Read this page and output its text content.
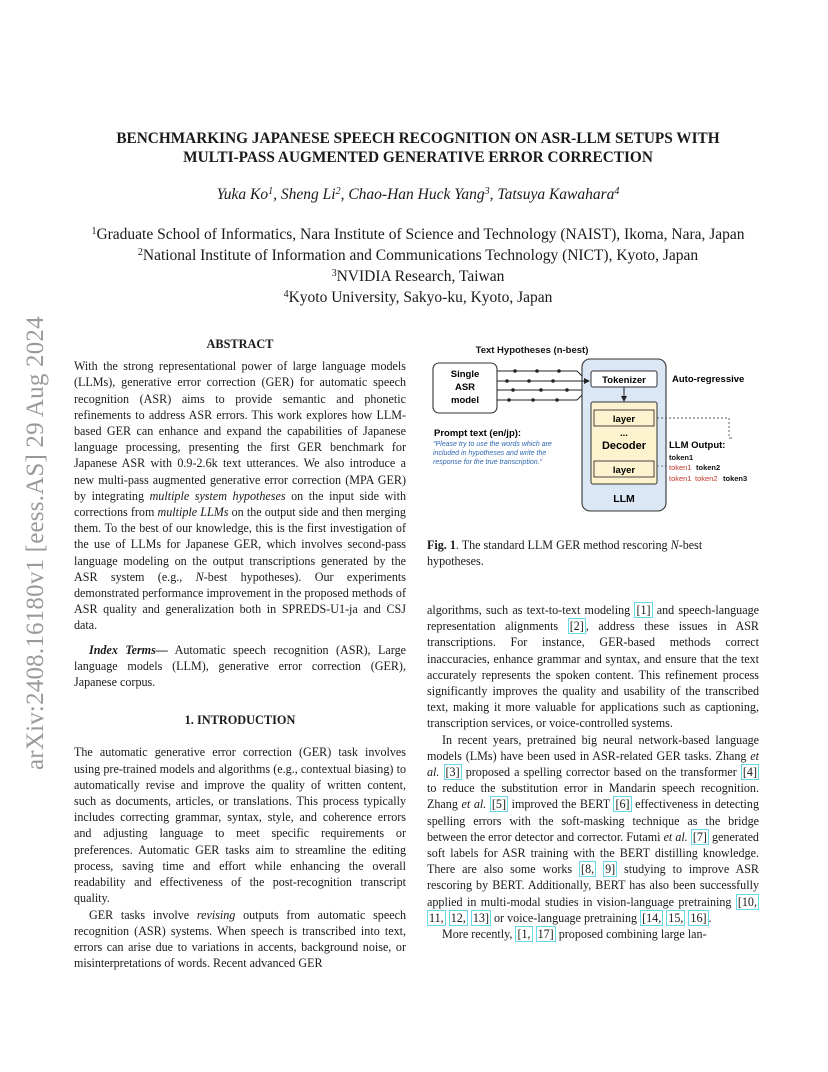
arXiv:2408.16180v1 [eess.AS] 29 Aug 2024
BENCHMARKING JAPANESE SPEECH RECOGNITION ON ASR-LLM SETUPS WITH
MULTI-PASS AUGMENTED GENERATIVE ERROR CORRECTION
Yuka Ko$^1$, Sheng Li$^2$, Chao-Han Huck Yang$^3$, Tatsuya Kawahara$^4$
$^1$Graduate School of Informatics, Nara Institute of Science and Technology (NAIST), Ikoma, Nara, Japan
$^2$National Institute of Information and Communications Technology (NICT), Kyoto, Japan
$^3$NVIDIA Research, Taiwan
$^4$Kyoto University, Sakyo-ku, Kyoto, Japan

ABSTRACT

With the strong representational power of large language models (LLMs), generative error correction (GER) for automatic speech recognition (ASR) aims to provide semantic and phonetic refinements to address ASR errors. This work explores how LLM-based GER can enhance and expand the capabilities of Japanese language processing, presenting the first GER benchmark for Japanese ASR with 0.9-2.6k text utterances. We also introduce a new multi-pass augmented generative error correction (MPA GER) by integrating multiple system hypotheses on the input side with corrections from multiple LLMs on the output side and then merging them. To the best of our knowledge, this is the first investigation of the use of LLMs for Japanese GER, which involves second-pass language modeling on the output transcriptions generated by the ASR system (e.g., N-best hypotheses). Our experiments demonstrated performance improvement in the proposed methods of ASR quality and generalization both in SPREDS-U1-ja and CSJ data.

Index Terms— Automatic speech recognition (ASR), Large language models (LLM), generative error correction (GER), Japanese corpus.

1. INTRODUCTION

The automatic generative error correction (GER) task involves using pre-trained models and algorithms (e.g., contextual biasing) to automatically revise and improve the quality of written content, such as documents, articles, or translations. This process typically includes correcting grammar, syntax, style, and coherence errors and adjusting language to meet specific requirements or preferences. Automatic GER tasks aim to streamline the editing process, saving time and effort while enhancing the overall readability and effectiveness of the post-recognition transcript quality.

GER tasks involve revising outputs from automatic speech recognition (ASR) systems. When speech is transcribed into text, errors can arise due to variations in accents, background noise, or misinterpretations of words. Recent advanced GER

Text Hypotheses (n-best)
Single
ASR
model
Tokenizer
layer
...
Decoder
layer
LLM
Auto-regressive
Prompt text (en/jp):
"Please try to use the words which are
included in hypotheses and write the
response for the true transcription."
LLM Output:
token1
token1 token2
token1 token2 token3
Fig. 1. The standard LLM GER method rescoring N-best hypotheses.

algorithms, such as text-to-text modeling [1] and speech-language representation alignments [2] , address these issues in ASR transcriptions. For instance, GER-based methods correct inaccuracies, enhance grammar and syntax, and ensure that the text accurately represents the spoken content. This refinement process significantly improves the quality and usability of the transcribed text, making it more valuable for applications such as captioning, transcription services, or voice-controlled systems.

In recent years, pretrained big neural network-based language models (LMs) have been used in ASR-related GER tasks. Zhang et al. [3] proposed a spelling corrector based on the transformer [4] to reduce the substitution error in Mandarin speech recognition. Zhang et al. [5] improved the BERT [6] effectiveness in detecting spelling errors with the soft-masking technique as the bridge between the error detector and corrector. Futami et al. [7] generated soft labels for ASR training with the BERT distilling knowledge. There are also some works [8, 9] studying to improve ASR rescoring by BERT. Additionally, BERT has also been successfully applied in multi-modal studies in vision-language pretraining [10, 11, 12, 13] or voice-language pretraining [14, 15, 16] .

More recently, [1, 17] proposed combining large lan-
